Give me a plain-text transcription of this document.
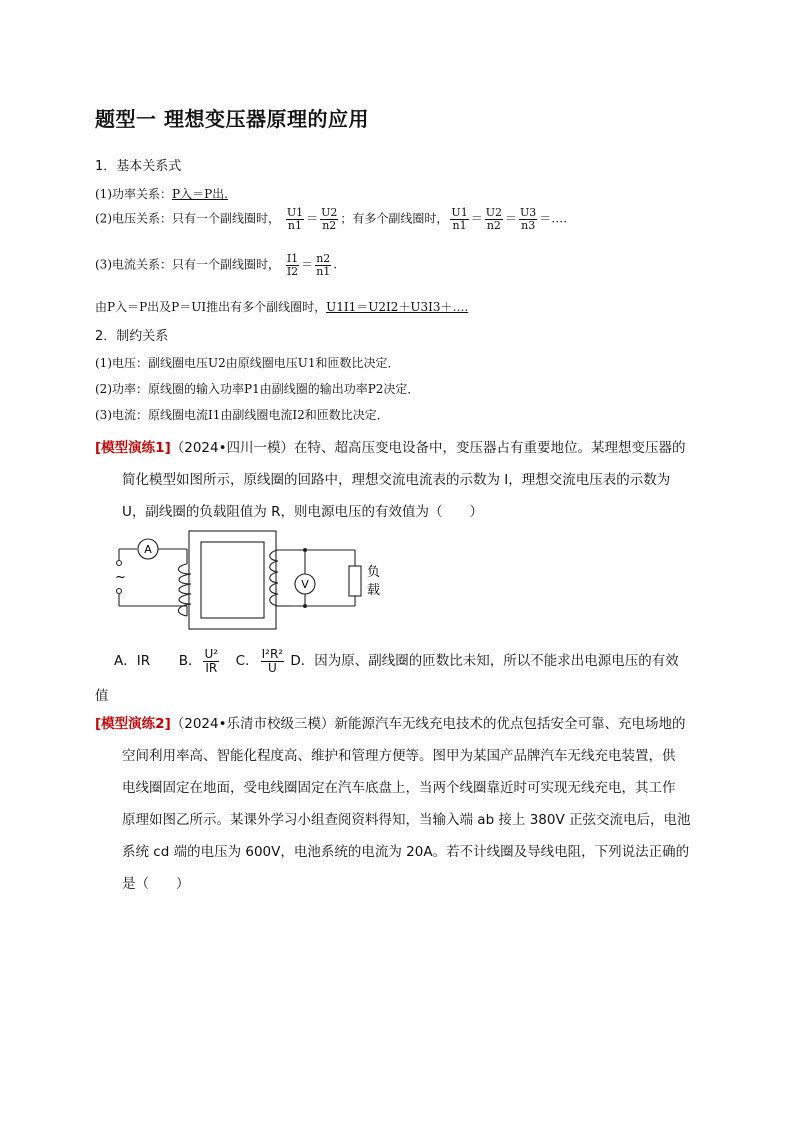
题型一 理想变压器原理的应用
1．基本关系式
(1)功率关系：P入＝P出.
(2)电压关系：只有一个副线圈时， $\frac{U1}{n1} = \frac{U2}{n2}$ ；有多个副线圈时， $\frac{U1}{n1} = \frac{U2}{n2} = \frac{U3}{n3}$ ＝….
(3)电流关系：只有一个副线圈时， $\frac{I1}{I2} = \frac{n2}{n1}$ .
由P入＝P出及P＝UI推出有多个副线圈时，U1I1＝U2I2＋U3I3＋….
2．制约关系
(1)电压：副线圈电压U2由原线圈电压U1和匝数比决定．
(2)功率：原线圈的输入功率P1由副线圈的输出功率P2决定．
(3)电流：原线圈电流I1由副线圈电流I2和匝数比决定．
[模型演练1]（2024•四川一模）在特、超高压变电设备中，变压器占有重要地位。某理想变压器的
简化模型如图所示，原线圈的回路中，理想交流电流表的示数为 I，理想交流电压表的示数为
U，副线圈的负载阻值为 R，则电源电压的有效值为（　　）
A
V
~	负
载
A．IR B． $\frac{\text{U²}}{IR}$ C． $\frac{\text{I²R²}}{U}$ D．因为原、副线圈的匝数比未知，所以不能求出电源电压的有效
值
[模型演练2]（2024•乐清市校级三模）新能源汽车无线充电技术的优点包括安全可靠、充电场地的
空间利用率高、智能化程度高、维护和管理方便等。图甲为某国产品牌汽车无线充电装置，供
电线圈固定在地面，受电线圈固定在汽车底盘上，当两个线圈靠近时可实现无线充电，其工作
原理如图乙所示。某课外学习小组查阅资料得知，当输入端 ab 接上 380V 正弦交流电后，电池
系统 cd 端的电压为 600V，电池系统的电流为 20A。若不计线圈及导线电阻，下列说法正确的
是（　　）
